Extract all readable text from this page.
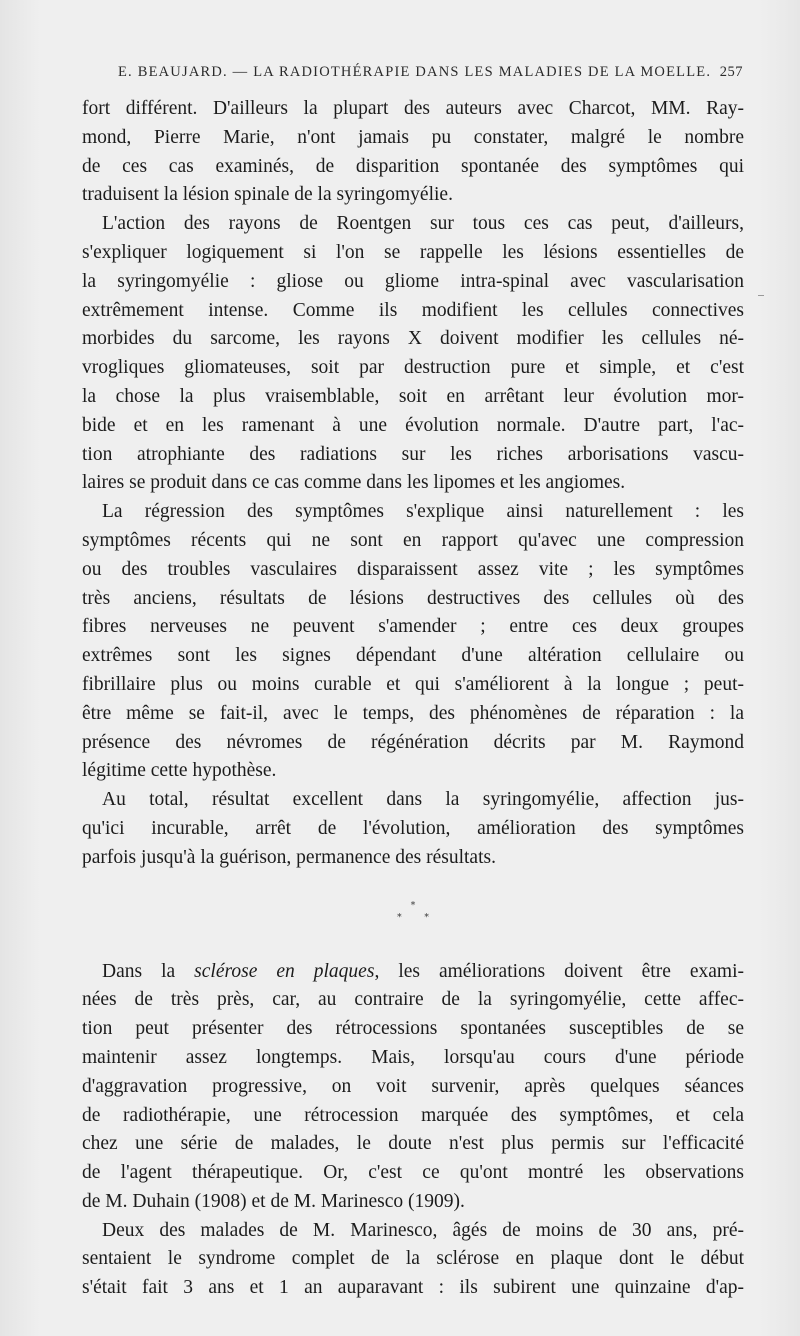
E. BEAUJARD. — LA RADIOTHÉRAPIE DANS LES MALADIES DE LA MOELLE. 257
fort différent. D'ailleurs la plupart des auteurs avec Charcot, MM. Ray-
mond, Pierre Marie, n'ont jamais pu constater, malgré le nombre
de ces cas examinés, de disparition spontanée des symptômes qui
traduisent la lésion spinale de la syringomyélie.
L'action des rayons de Roentgen sur tous ces cas peut, d'ailleurs,
s'expliquer logiquement si l'on se rappelle les lésions essentielles de
la syringomyélie : gliose ou gliome intra-spinal avec vascularisation
extrêmement intense. Comme ils modifient les cellules connectives
morbides du sarcome, les rayons X doivent modifier les cellules né-
vrogliques gliomateuses, soit par destruction pure et simple, et c'est
la chose la plus vraisemblable, soit en arrêtant leur évolution mor-
bide et en les ramenant à une évolution normale. D'autre part, l'ac-
tion atrophiante des radiations sur les riches arborisations vascu-
laires se produit dans ce cas comme dans les lipomes et les angiomes.
La régression des symptômes s'explique ainsi naturellement : les
symptômes récents qui ne sont en rapport qu'avec une compression
ou des troubles vasculaires disparaissent assez vite ; les symptômes
très anciens, résultats de lésions destructives des cellules où des
fibres nerveuses ne peuvent s'amender ; entre ces deux groupes
extrêmes sont les signes dépendant d'une altération cellulaire ou
fibrillaire plus ou moins curable et qui s'améliorent à la longue ; peut-
être même se fait-il, avec le temps, des phénomènes de réparation : la
présence des névromes de régénération décrits par M. Raymond
légitime cette hypothèse.
Au total, résultat excellent dans la syringomyélie, affection jus-
qu'ici incurable, arrêt de l'évolution, amélioration des symptômes
parfois jusqu'à la guérison, permanence des résultats.
*
* *
Dans la sclérose en plaques, les améliorations doivent être exami-
nées de très près, car, au contraire de la syringomyélie, cette affec-
tion peut présenter des rétrocessions spontanées susceptibles de se
maintenir assez longtemps. Mais, lorsqu'au cours d'une période
d'aggravation progressive, on voit survenir, après quelques séances
de radiothérapie, une rétrocession marquée des symptômes, et cela
chez une série de malades, le doute n'est plus permis sur l'efficacité
de l'agent thérapeutique. Or, c'est ce qu'ont montré les observations
de M. Duhain (1908) et de M. Marinesco (1909).
Deux des malades de M. Marinesco, âgés de moins de 30 ans, pré-
sentaient le syndrome complet de la sclérose en plaque dont le début
s'était fait 3 ans et 1 an auparavant : ils subirent une quinzaine d'ap-
